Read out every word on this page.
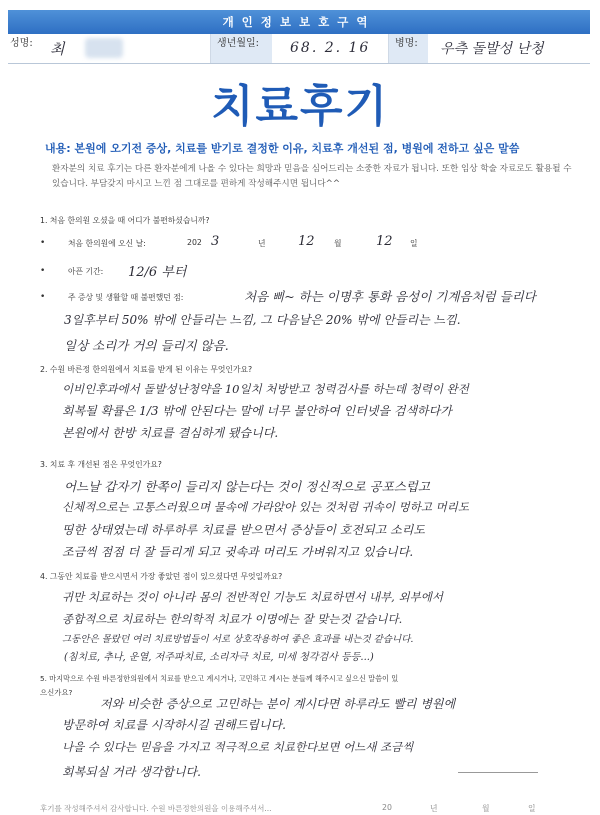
개인정보보호구역
성명: 최	생년월일:	68. 2. 16	병명:	우측 돌발성 난청
치료후기
내용: 본원에 오기전 증상, 치료를 받기로 결정한 이유, 치료후 개선된 점, 병원에 전하고 싶은 말씀
환자분의 치료 후기는 다른 환자분에게 나올 수 있다는 희망과 믿음을 심어드리는 소중한 자료가 됩니다. 또한 임상 학술 자료로도 활용될 수 있습니다. 부담갖지 마시고 느낀 점 그대로를 편하게 작성해주시면 됩니다^^
1. 처음 한의원 오셨을 때 어디가 불편하셨습니까?
•	처음 한의원에 오신 날:	202 3	년 12 월	12 일
•	아픈 기간: 12/6 부터
•	주 증상 및 생활할 때 불편했던 점:	처음 삐~ 하는 이명후 통화 음성이 기계음처럼 들리다
3일후부터 50% 밖에 안들리는 느낌, 그 다음날은 20% 밖에 안들리는 느낌.
일상 소리가 거의 들리지 않음.
2. 수원 바른정 한의원에서 치료를 받게 된 이유는 무엇인가요?
이비인후과에서 돌발성난청약을 10일치 처방받고 청력검사를 하는데 청력이 완전
회복될 확률은 1/3 밖에 안된다는 말에 너무 불안하여 인터넷을 검색하다가
본원에서 한방 치료를 결심하게 됐습니다.
3. 치료 후 개선된 점은 무엇인가요?
어느날 갑자기 한쪽이 들리지 않는다는 것이 정신적으로 공포스럽고
신체적으로는 고통스러웠으며 물속에 가라앉아 있는 것처럼 귀속이 멍하고 머리도
띵한 상태였는데 하루하루 치료를 받으면서 증상들이 호전되고 소리도
조금씩 점점 더 잘 들리게 되고 귓속과 머리도 가벼워지고 있습니다.
4. 그동안 치료를 받으시면서 가장 좋았던 점이 있으셨다면 무엇일까요?
귀만 치료하는 것이 아니라 몸의 전반적인 기능도 치료하면서 내부, 외부에서
종합적으로 치료하는 한의학적 치료가 이명에는 잘 맞는것 같습니다.
그동안은 몰랐던 여러 치료방법들이 서로 상호작용하여 좋은 효과를 내는것 같습니다.
(침치료, 추나, 운열, 저주파치료, 소리자극 치료, 미세 청각검사 등등...)
5. 마지막으로 수원 바른정한의원에서 치료를 받으고 계시거나, 고민하고 계시는 분들께 해주시고 싶으신 말씀이 있
으신가요?
저와 비슷한 증상으로 고민하는 분이 계시다면 하루라도 빨리 병원에
방문하여 치료를 시작하시길 권해드립니다.
나을 수 있다는 믿음을 가지고 적극적으로 치료한다보면 어느새 조금씩
회복되실 거라 생각합니다.
후기를 작성해주셔서 감사합니다. 수원 바른정한의원을 이용해주셔서...	20	년	월	일
